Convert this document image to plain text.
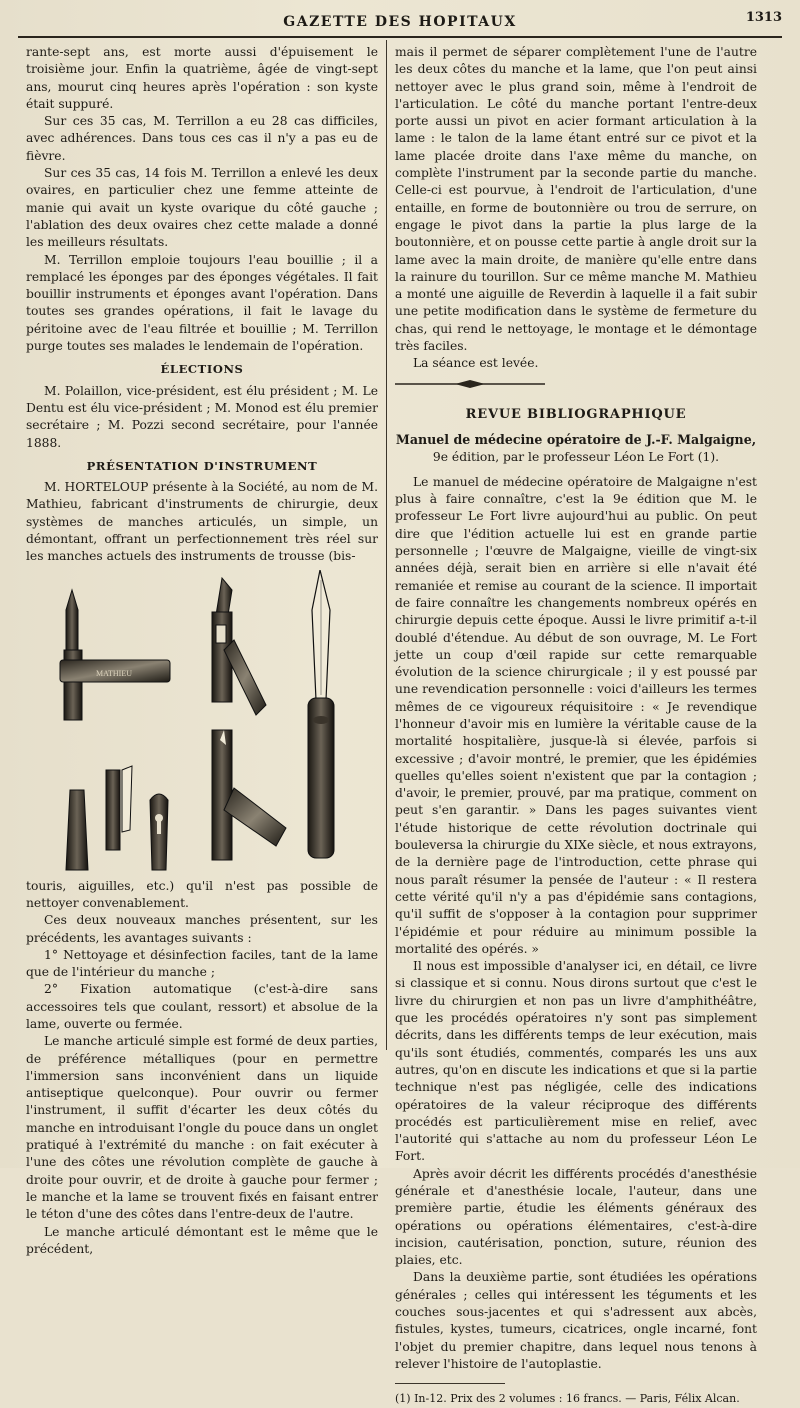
GAZETTE DES HOPITAUX	1313

rante-sept ans, est morte aussi d'épuisement le troisième jour. Enfin la quatrième, âgée de vingt-sept ans, mourut cinq heures après l'opération : son kyste était suppuré.

Sur ces 35 cas, M. Terrillon a eu 28 cas difficiles, avec adhérences. Dans tous ces cas il n'y a pas eu de fièvre.

Sur ces 35 cas, 14 fois M. Terrillon a enlevé les deux ovaires, en particulier chez une femme atteinte de manie qui avait un kyste ovarique du côté gauche ; l'ablation des deux ovaires chez cette malade a donné les meilleurs résultats.

M. Terrillon emploie toujours l'eau bouillie ; il a remplacé les éponges par des éponges végétales. Il fait bouillir instruments et éponges avant l'opération. Dans toutes ses grandes opérations, il fait le lavage du péritoine avec de l'eau filtrée et bouillie ; M. Terrillon purge toutes ses malades le lendemain de l'opération.

ÉLECTIONS

M. Polaillon, vice-président, est élu président ; M. Le Dentu est élu vice-président ; M. Monod est élu premier secrétaire ; M. Pozzi second secrétaire, pour l'année 1888.

PRÉSENTATION D'INSTRUMENT

M. HORTELOUP présente à la Société, au nom de M. Mathieu, fabricant d'instruments de chirurgie, deux systèmes de manches articulés, un simple, un démontant, offrant un perfectionnement très réel sur les manches actuels des instruments de trousse (bis-

MATHIEU

touris, aiguilles, etc.) qu'il n'est pas possible de nettoyer convenablement.

Ces deux nouveaux manches présentent, sur les précédents, les avantages suivants :

1° Nettoyage et désinfection faciles, tant de la lame que de l'intérieur du manche ;

2° Fixation automatique (c'est-à-dire sans accessoires tels que coulant, ressort) et absolue de la lame, ouverte ou fermée.

Le manche articulé simple est formé de deux parties, de préférence métalliques (pour en permettre l'immersion sans inconvénient dans un liquide antiseptique quelconque). Pour ouvrir ou fermer l'instrument, il suffit d'écarter les deux côtés du manche en introduisant l'ongle du pouce dans un onglet pratiqué à l'extrémité du manche : on fait exécuter à l'une des côtes une révolution complète de gauche à droite pour ouvrir, et de droite à gauche pour fermer ; le manche et la lame se trouvent fixés en faisant entrer le téton d'une des côtes dans l'entre-deux de l'autre.

Le manche articulé démontant est le même que le précédent,

mais il permet de séparer complètement l'une de l'autre les deux côtes du manche et la lame, que l'on peut ainsi nettoyer avec le plus grand soin, même à l'endroit de l'articulation. Le côté du manche portant l'entre-deux porte aussi un pivot en acier formant articulation à la lame : le talon de la lame étant entré sur ce pivot et la lame placée droite dans l'axe même du manche, on complète l'instrument par la seconde partie du manche. Celle-ci est pourvue, à l'endroit de l'articulation, d'une entaille, en forme de boutonnière ou trou de serrure, on engage le pivot dans la partie la plus large de la boutonnière, et on pousse cette partie à angle droit sur la lame avec la main droite, de manière qu'elle entre dans la rainure du tourillon. Sur ce même manche M. Mathieu a monté une aiguille de Reverdin à laquelle il a fait subir une petite modification dans le système de fermeture du chas, qui rend le nettoyage, le montage et le démontage très faciles.

La séance est levée.

REVUE BIBLIOGRAPHIQUE
Manuel de médecine opératoire de J.-F. Malgaigne,
9e édition, par le professeur Léon Le Fort (1).

Le manuel de médecine opératoire de Malgaigne n'est plus à faire connaître, c'est la 9e édition que M. le professeur Le Fort livre aujourd'hui au public. On peut dire que l'édition actuelle lui est en grande partie personnelle ; l'œuvre de Malgaigne, vieille de vingt-six années déjà, serait bien en arrière si elle n'avait été remaniée et remise au courant de la science. Il importait de faire connaître les changements nombreux opérés en chirurgie depuis cette époque. Aussi le livre primitif a-t-il doublé d'étendue. Au début de son ouvrage, M. Le Fort jette un coup d'œil rapide sur cette remarquable évolution de la science chirurgicale ; il y est poussé par une revendication personnelle : voici d'ailleurs les termes mêmes de ce vigoureux réquisitoire : « Je revendique l'honneur d'avoir mis en lumière la véritable cause de la mortalité hospitalière, jusque-là si élevée, parfois si excessive ; d'avoir montré, le premier, que les épidémies quelles qu'elles soient n'existent que par la contagion ; d'avoir, le premier, prouvé, par ma pratique, comment on peut s'en garantir. » Dans les pages suivantes vient l'étude historique de cette révolution doctrinale qui bouleversa la chirurgie du XIXe siècle, et nous extrayons, de la dernière page de l'introduction, cette phrase qui nous paraît résumer la pensée de l'auteur : « Il restera cette vérité qu'il n'y a pas d'épidémie sans contagions, qu'il suffit de s'opposer à la contagion pour supprimer l'épidémie et pour réduire au minimum possible la mortalité des opérés. »

Il nous est impossible d'analyser ici, en détail, ce livre si classique et si connu. Nous dirons surtout que c'est le livre du chirurgien et non pas un livre d'amphithéâtre, que les procédés opératoires n'y sont pas simplement décrits, dans les différents temps de leur exécution, mais qu'ils sont étudiés, commentés, comparés les uns aux autres, qu'on en discute les indications et que si la partie technique n'est pas négligée, celle des indications opératoires de la valeur réciproque des différents procédés est particulièrement mise en relief, avec l'autorité qui s'attache au nom du professeur Léon Le Fort.

Après avoir décrit les différents procédés d'anesthésie générale et d'anesthésie locale, l'auteur, dans une première partie, étudie les éléments généraux des opérations ou opérations élémentaires, c'est-à-dire incision, cautérisation, ponction, suture, réunion des plaies, etc.

Dans la deuxième partie, sont étudiées les opérations générales ; celles qui intéressent les téguments et les couches sous-jacentes et qui s'adressent aux abcès, fistules, kystes, tumeurs, cicatrices, ongle incarné, font l'objet du premier chapitre, dans lequel nous tenons à relever l'histoire de l'autoplastie.

(1) In-12. Prix des 2 volumes : 16 francs. — Paris, Félix Alcan.
